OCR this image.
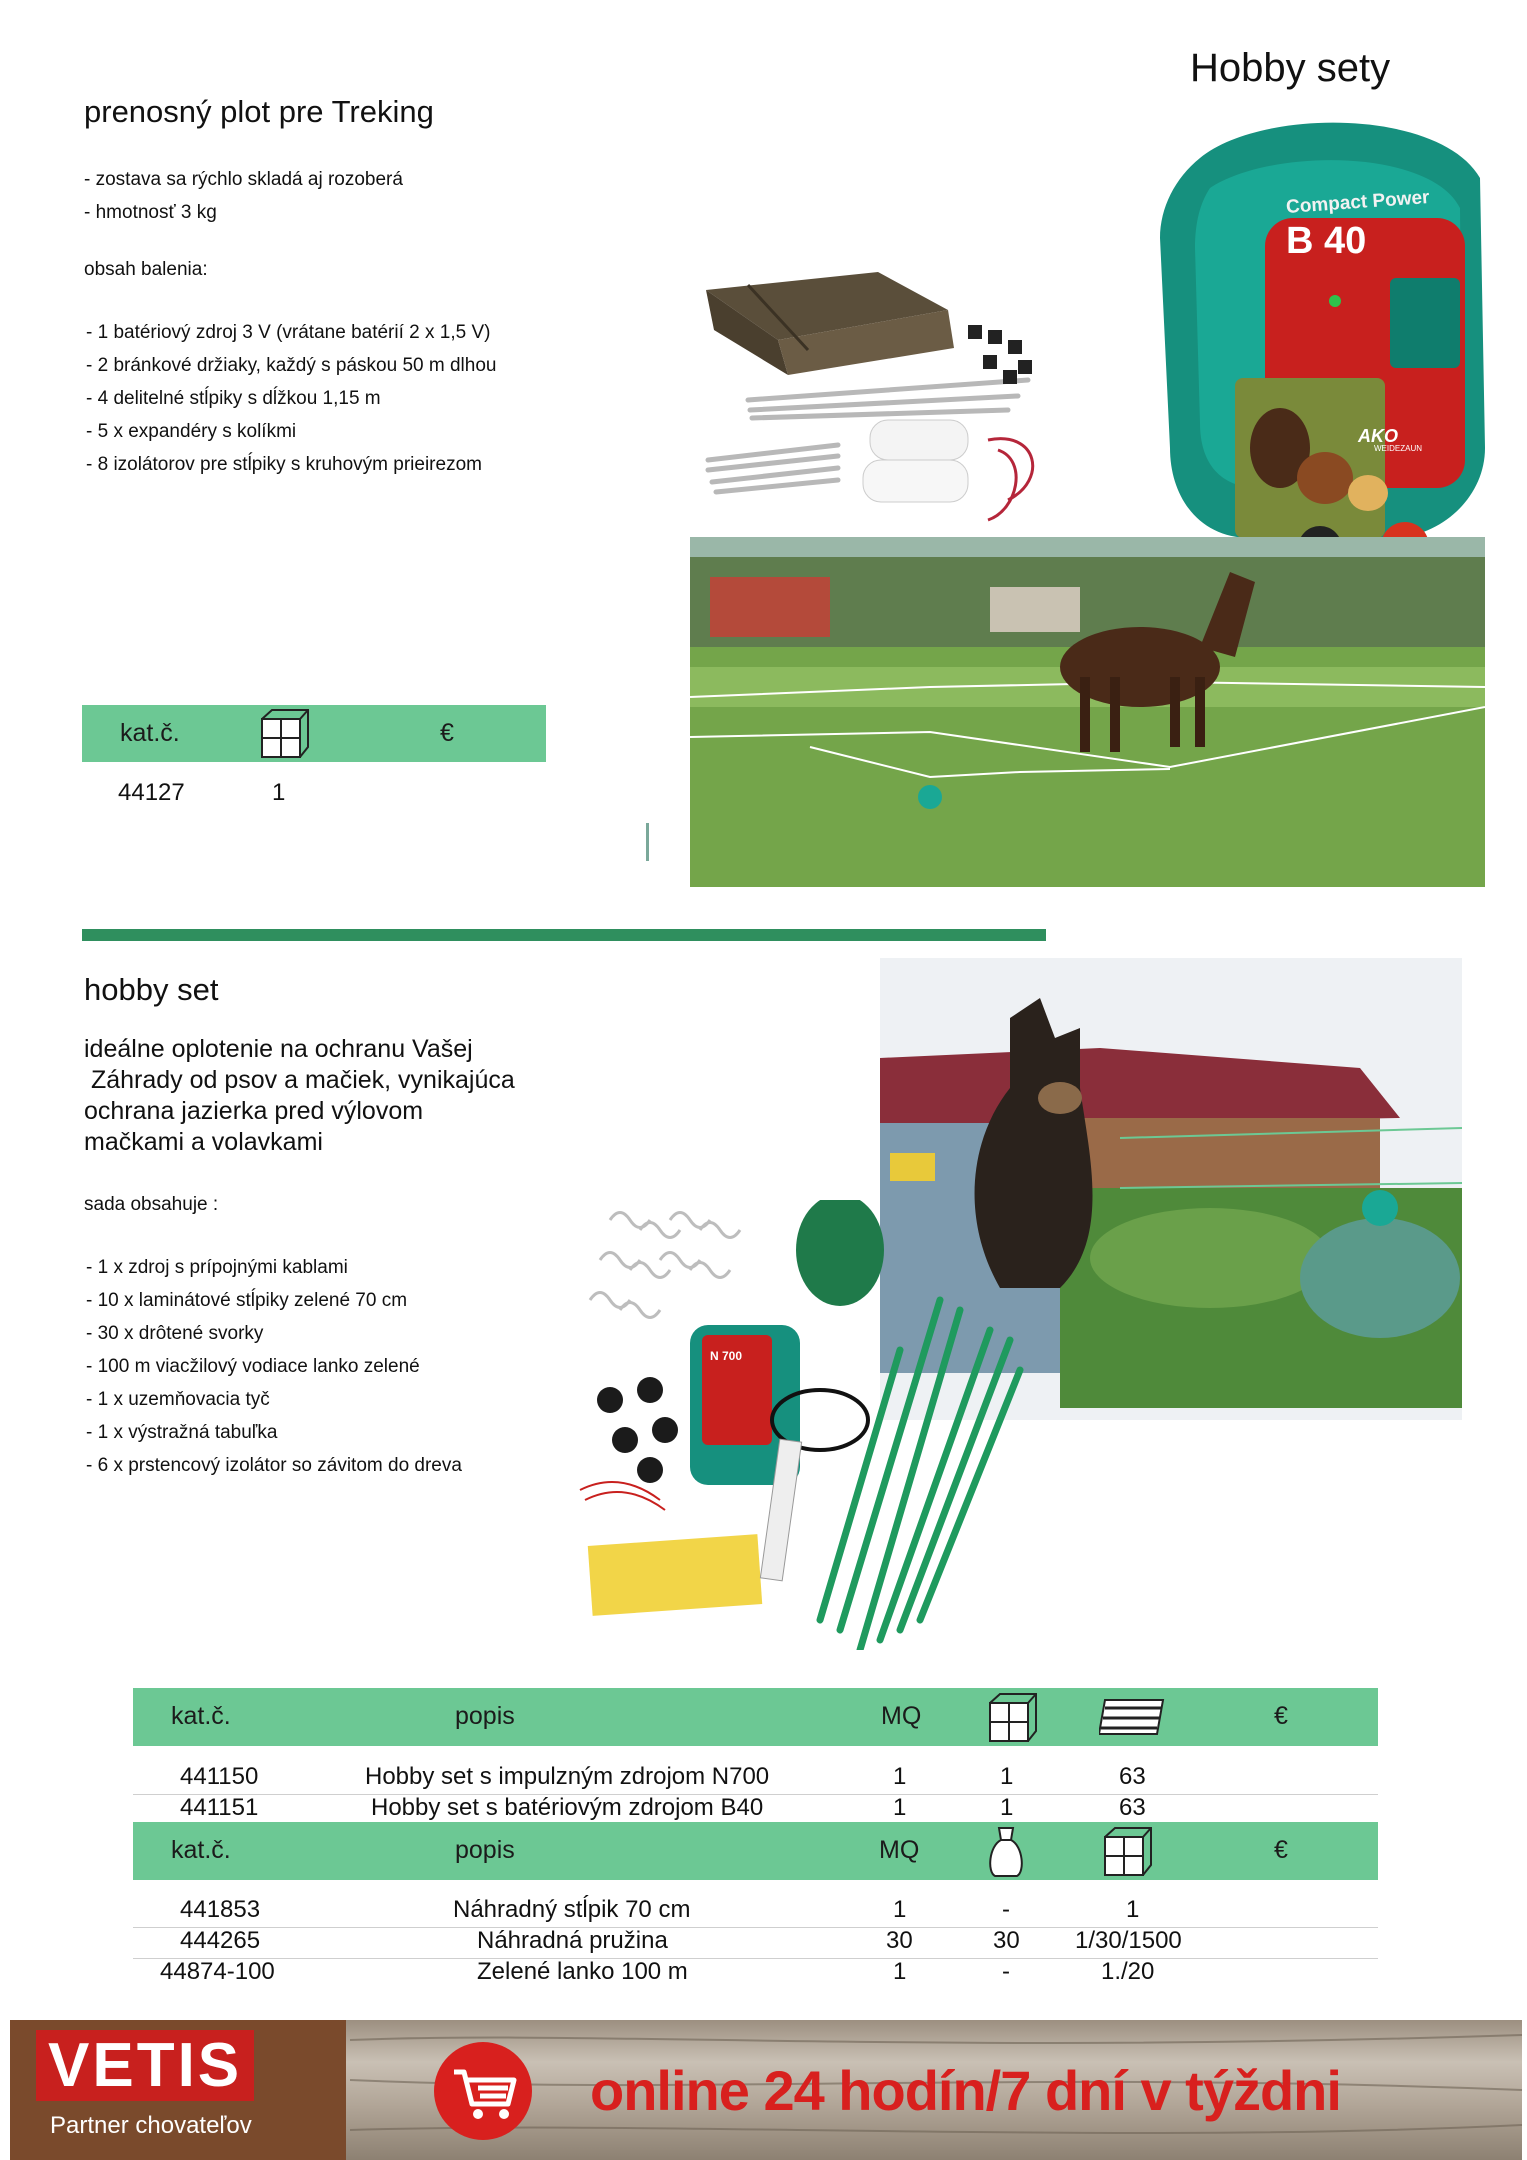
Hobby sety
prenosný plot pre Treking
- zostava sa rýchlo skladá aj rozoberá
- hmotnosť 3 kg
obsah balenia:
- 1 batériový zdroj 3 V (vrátane batérií 2 x 1,5 V)
- 2 bránkové držiaky, každý s páskou 50 m dlhou
- 4 delitelné stĺpiky s dĺžkou 1,15 m
- 5 x expandéry s kolíkmi
- 8 izolátorov pre stĺpiky s kruhovým prieirezom
kat.č.	€
44127	1
Compact Power
B 40
AKO
WEIDEZAUN
hobby set
ideálne oplotenie na ochranu Vašej
Záhrady od psov a mačiek, vynikajúca
ochrana jazierka pred výlovom
mačkami a volavkami
sada obsahuje :
- 1 x zdroj s prípojnými kablami
- 10 x laminátové stĺpiky zelené 70 cm
- 30 x drôtené svorky
- 100 m viacžilový vodiace lanko zelené
- 1 x uzemňovacia tyč
- 1 x výstražná tabuľka
- 6 x prstencový izolátor so závitom do dreva
N 700
kat.č.	popis	MQ	€
441150	Hobby set s impulzným zdrojom N700	1	1	63
441151	Hobby set s batériovým zdrojom B40	1	1	63
kat.č.	popis	MQ	€
441853	Náhradný stĺpik 70 cm	1	-	1
444265	Náhradná pružina	30	30 1/30/1500
44874-100	Zelené lanko 100 m	1	-	1./20
VETIS
Partner chovateľov
online 24 hodín/7 dní v týždni
